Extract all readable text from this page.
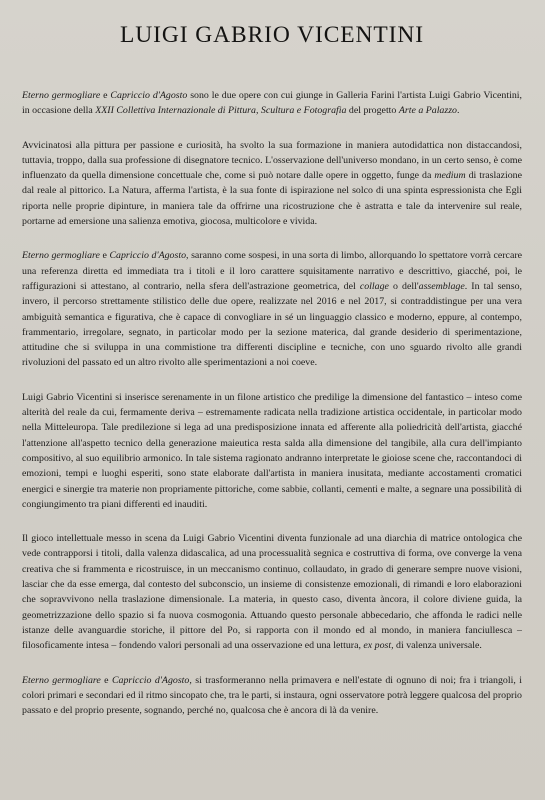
LUIGI GABRIO VICENTINI

Eterno germogliare e Capriccio d'Agosto sono le due opere con cui giunge in Galleria Farini l'artista Luigi Gabrio Vicentini, in occasione della XXII Collettiva Internazionale di Pittura, Scultura e Fotografia del progetto Arte a Palazzo.

Avvicinatosi alla pittura per passione e curiosità, ha svolto la sua formazione in maniera autodidattica non distaccandosi, tuttavia, troppo, dalla sua professione di disegnatore tecnico. L'osservazione dell'universo mondano, in un certo senso, è come influenzato da quella dimensione concettuale che, come si può notare dalle opere in oggetto, funge da medium di traslazione dal reale al pittorico. La Natura, afferma l'artista, è la sua fonte di ispirazione nel solco di una spinta espressionista che Egli riporta nelle proprie dipinture, in maniera tale da offrirne una ricostruzione che è astratta e tale da intervenire sul reale, portarne ad emersione una salienza emotiva, giocosa, multicolore e vivida.

Eterno germogliare e Capriccio d'Agosto, saranno come sospesi, in una sorta di limbo, allorquando lo spettatore vorrà cercare una referenza diretta ed immediata tra i titoli e il loro carattere squisitamente narrativo e descrittivo, giacché, poi, le raffigurazioni si attestano, al contrario, nella sfera dell'astrazione geometrica, del collage o dell'assemblage. In tal senso, invero, il percorso strettamente stilistico delle due opere, realizzate nel 2016 e nel 2017, si contraddistingue per una vera ambiguità semantica e figurativa, che è capace di convogliare in sé un linguaggio classico e moderno, eppure, al contempo, frammentario, irregolare, segnato, in particolar modo per la sezione materica, dal grande desiderio di sperimentazione, attitudine che si sviluppa in una commistione tra differenti discipline e tecniche, con uno sguardo rivolto alle grandi rivoluzioni del passato ed un altro rivolto alle sperimentazioni a noi coeve.

Luigi Gabrio Vicentini si inserisce serenamente in un filone artistico che predilige la dimensione del fantastico – inteso come alterità del reale da cui, fermamente deriva – estremamente radicata nella tradizione artistica occidentale, in particolar modo nella Mitteleuropa. Tale predilezione si lega ad una predisposizione innata ed afferente alla poliedricità dell'artista, giacché l'attenzione all'aspetto tecnico della generazione maieutica resta salda alla dimensione del tangibile, alla cura dell'impianto compositivo, al suo equilibrio armonico. In tale sistema ragionato andranno interpretate le gioiose scene che, raccontandoci di emozioni, tempi e luoghi esperiti, sono state elaborate dall'artista in maniera inusitata, mediante accostamenti cromatici energici e sinergie tra materie non propriamente pittoriche, come sabbie, collanti, cementi e malte, a segnare una possibilità di congiungimento tra piani differenti ed inauditi.

Il gioco intellettuale messo in scena da Luigi Gabrio Vicentini diventa funzionale ad una diarchia di matrice ontologica che vede contrapporsi i titoli, dalla valenza didascalica, ad una processualità segnica e costruttiva di forma, ove converge la vena creativa che si frammenta e ricostruisce, in un meccanismo continuo, collaudato, in grado di generare sempre nuove visioni, lasciar che da esse emerga, dal contesto del subconscio, un insieme di consistenze emozionali, di rimandi e loro elaborazioni che sopravvivono nella traslazione dimensionale. La materia, in questo caso, diventa àncora, il colore diviene guida, la geometrizzazione dello spazio si fa nuova cosmogonia. Attuando questo personale abbecedario, che affonda le radici nelle istanze delle avanguardie storiche, il pittore del Po, si rapporta con il mondo ed al mondo, in maniera fanciullesca – filosoficamente intesa – fondendo valori personali ad una osservazione ed una lettura, ex post, di valenza universale.

Eterno germogliare e Capriccio d'Agosto, si trasformeranno nella primavera e nell'estate di ognuno di noi; fra i triangoli, i colori primari e secondari ed il ritmo sincopato che, tra le parti, si instaura, ogni osservatore potrà leggere qualcosa del proprio passato e del proprio presente, sognando, perché no, qualcosa che è ancora di là da venire.
